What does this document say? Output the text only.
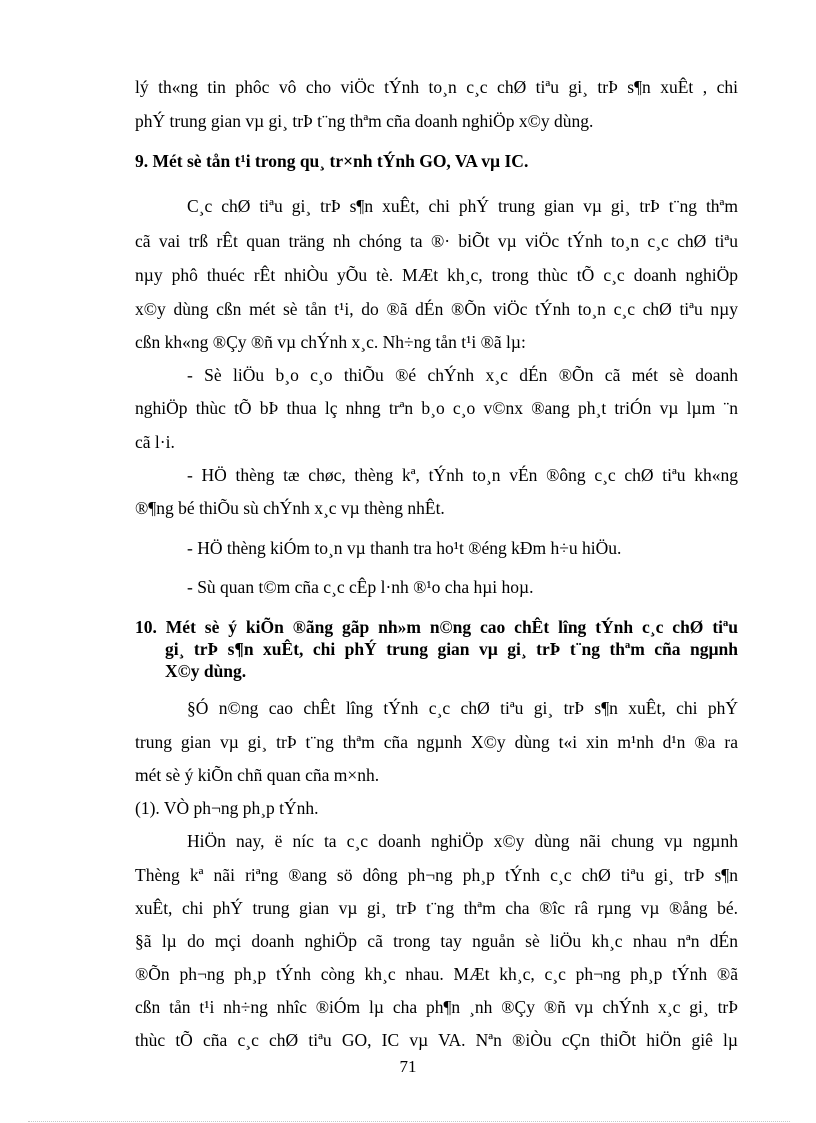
lý th«ng tin phôc vô cho viÖc tÝnh to¸n c¸c chØ tiªu gi¸ trÞ s¶n xuÊt , chi
phÝ trung gian vµ gi¸ trÞ t¨ng thªm cña doanh nghiÖp x©y dùng.
9. Mét sè tån t¹i trong qu¸ tr×nh tÝnh GO, VA vµ IC.
C¸c chØ tiªu gi¸ trÞ s¶n xuÊt, chi phÝ trung gian vµ gi¸ trÞ t¨ng thªm
cã vai trß rÊt quan träng nh chóng ta ®· biÕt vµ viÖc tÝnh to¸n c¸c chØ tiªu
nµy phô thuéc rÊt nhiÒu yÕu tè. MÆt kh¸c, trong thùc tÕ c¸c doanh nghiÖp
x©y dùng cßn mét sè tån t¹i, do ®ã dÉn ®Õn viÖc tÝnh to¸n c¸c chØ tiªu nµy
cßn kh«ng ®Çy ®ñ vµ chÝnh x¸c. Nh÷ng tån t¹i ®ã lµ:
- Sè liÖu b¸o c¸o thiÕu ®é chÝnh x¸c dÉn ®Õn cã mét sè doanh
nghiÖp thùc tÕ bÞ thua lç nhng trªn b¸o c¸o v©nx ®ang ph¸t triÓn vµ lµm ¨n
cã l·i.
- HÖ thèng tæ chøc, thèng kª, tÝnh to¸n vÉn ®ông c¸c chØ tiªu kh«ng
®¶ng bé thiÕu sù chÝnh x¸c vµ thèng nhÊt.
- HÖ thèng kiÓm to¸n vµ thanh tra ho¹t ®éng kÐm h÷u hiÖu.
- Sù quan t©m cña c¸c cÊp l·nh ®¹o cha hµi hoµ.
10. Mét sè ý kiÕn ®ãng gãp nh»m n©ng cao chÊt lîng tÝnh c¸c chØ tiªu
gi¸ trÞ s¶n xuÊt, chi phÝ trung gian vµ gi¸ trÞ t¨ng thªm cña ngµnh
X©y dùng.
§Ó n©ng cao chÊt lîng tÝnh c¸c chØ tiªu gi¸ trÞ s¶n xuÊt, chi phÝ
trung gian vµ gi¸ trÞ t¨ng thªm cña ngµnh X©y dùng t«i xin m¹nh d¹n ®a ra
mét sè ý kiÕn chñ quan cña m×nh.
(1). VÒ ph¬ng ph¸p tÝnh.
HiÖn nay, ë níc ta c¸c doanh nghiÖp x©y dùng nãi chung vµ ngµnh
Thèng kª nãi riªng ®ang sö dông ph¬ng ph¸p tÝnh c¸c chØ tiªu gi¸ trÞ s¶n
xuÊt, chi phÝ trung gian vµ gi¸ trÞ t¨ng thªm cha ®îc râ rµng vµ ®ång bé.
§ã lµ do mçi doanh nghiÖp cã trong tay nguån sè liÖu kh¸c nhau nªn dÉn
®Õn ph¬ng ph¸p tÝnh còng kh¸c nhau. MÆt kh¸c, c¸c ph¬ng ph¸p tÝnh ®ã
cßn tån t¹i nh÷ng nhîc ®iÓm lµ cha ph¶n ¸nh ®Çy ®ñ vµ chÝnh x¸c gi¸ trÞ
thùc tÕ cña c¸c chØ tiªu GO, IC vµ VA. Nªn ®iÒu cÇn thiÕt hiÖn giê lµ
71
